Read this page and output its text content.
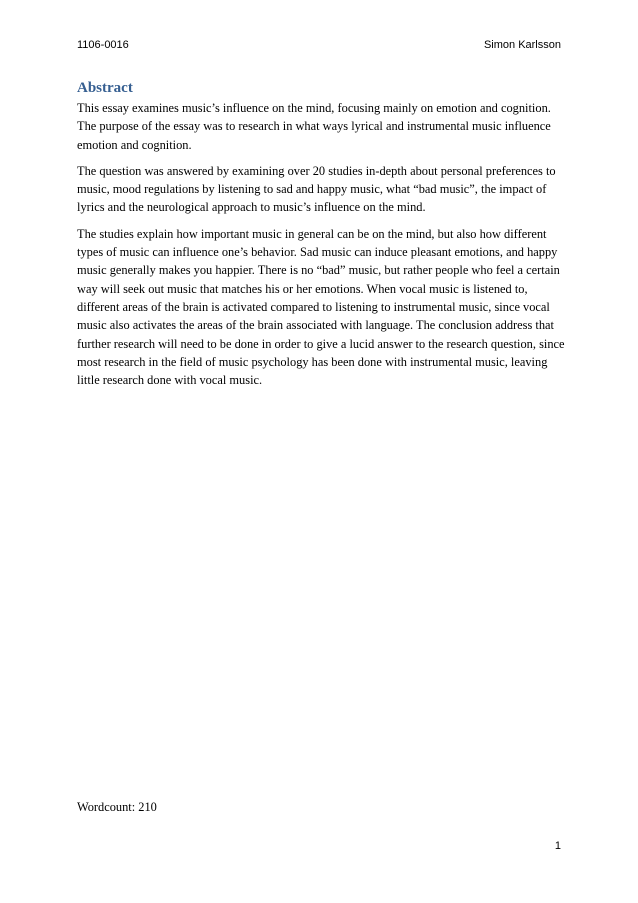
1106-0016	Simon Karlsson
Abstract

This essay examines music’s influence on the mind, focusing mainly on emotion and cognition. The purpose of the essay was to research in what ways lyrical and instrumental music influence emotion and cognition.

The question was answered by examining over 20 studies in-depth about personal preferences to music, mood regulations by listening to sad and happy music, what “bad music”, the impact of lyrics and the neurological approach to music’s influence on the mind.

The studies explain how important music in general can be on the mind, but also how different types of music can influence one’s behavior. Sad music can induce pleasant emotions, and happy music generally makes you happier. There is no “bad” music, but rather people who feel a certain way will seek out music that matches his or her emotions. When vocal music is listened to, different areas of the brain is activated compared to listening to instrumental music, since vocal music also activates the areas of the brain associated with language. The conclusion address that further research will need to be done in order to give a lucid answer to the research question, since most research in the field of music psychology has been done with instrumental music, leaving little research done with vocal music.

Wordcount: 210
1
